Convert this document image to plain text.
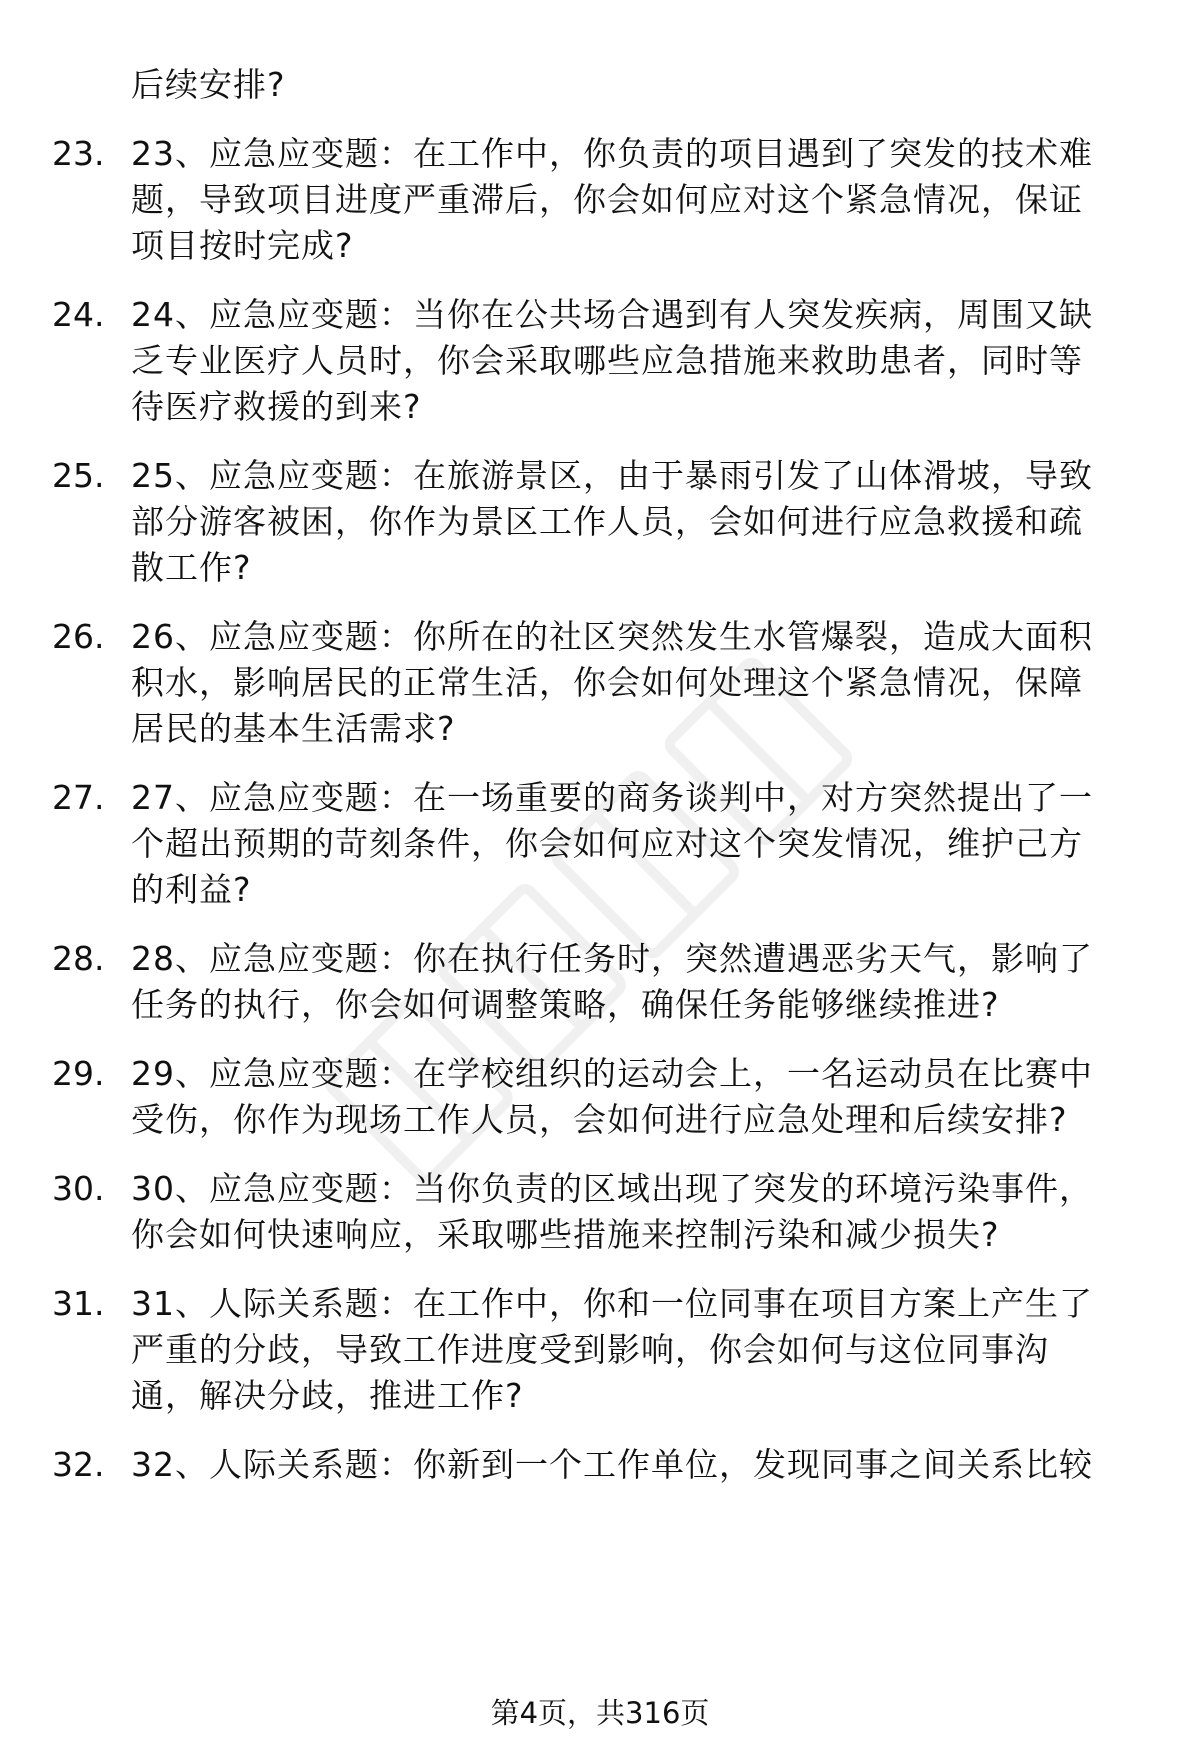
后续安排?

23. 23、应急应变题：在工作中，你负责的项目遇到了突发的技术难
题，导致项目进度严重滞后，你会如何应对这个紧急情况，保证
项目按时完成?
24. 24、应急应变题：当你在公共场合遇到有人突发疾病，周围又缺
乏专业医疗人员时，你会采取哪些应急措施来救助患者，同时等
待医疗救援的到来?
25. 25、应急应变题：在旅游景区，由于暴雨引发了山体滑坡，导致
部分游客被困，你作为景区工作人员，会如何进行应急救援和疏
散工作?
26. 26、应急应变题：你所在的社区突然发生水管爆裂，造成大面积
积水，影响居民的正常生活，你会如何处理这个紧急情况，保障
居民的基本生活需求?
27. 27、应急应变题：在一场重要的商务谈判中，对方突然提出了一
个超出预期的苛刻条件，你会如何应对这个突发情况，维护己方
的利益?
28. 28、应急应变题：你在执行任务时，突然遭遇恶劣天气，影响了
任务的执行，你会如何调整策略，确保任务能够继续推进?
29. 29、应急应变题：在学校组织的运动会上，一名运动员在比赛中
受伤，你作为现场工作人员，会如何进行应急处理和后续安排?
30. 30、应急应变题：当你负责的区域出现了突发的环境污染事件，
你会如何快速响应，采取哪些措施来控制污染和减少损失?
31. 31、人际关系题：在工作中，你和一位同事在项目方案上产生了
严重的分歧，导致工作进度受到影响，你会如何与这位同事沟
通，解决分歧，推进工作?
32. 32、人际关系题：你新到一个工作单位，发现同事之间关系比较
第4页，共316页
